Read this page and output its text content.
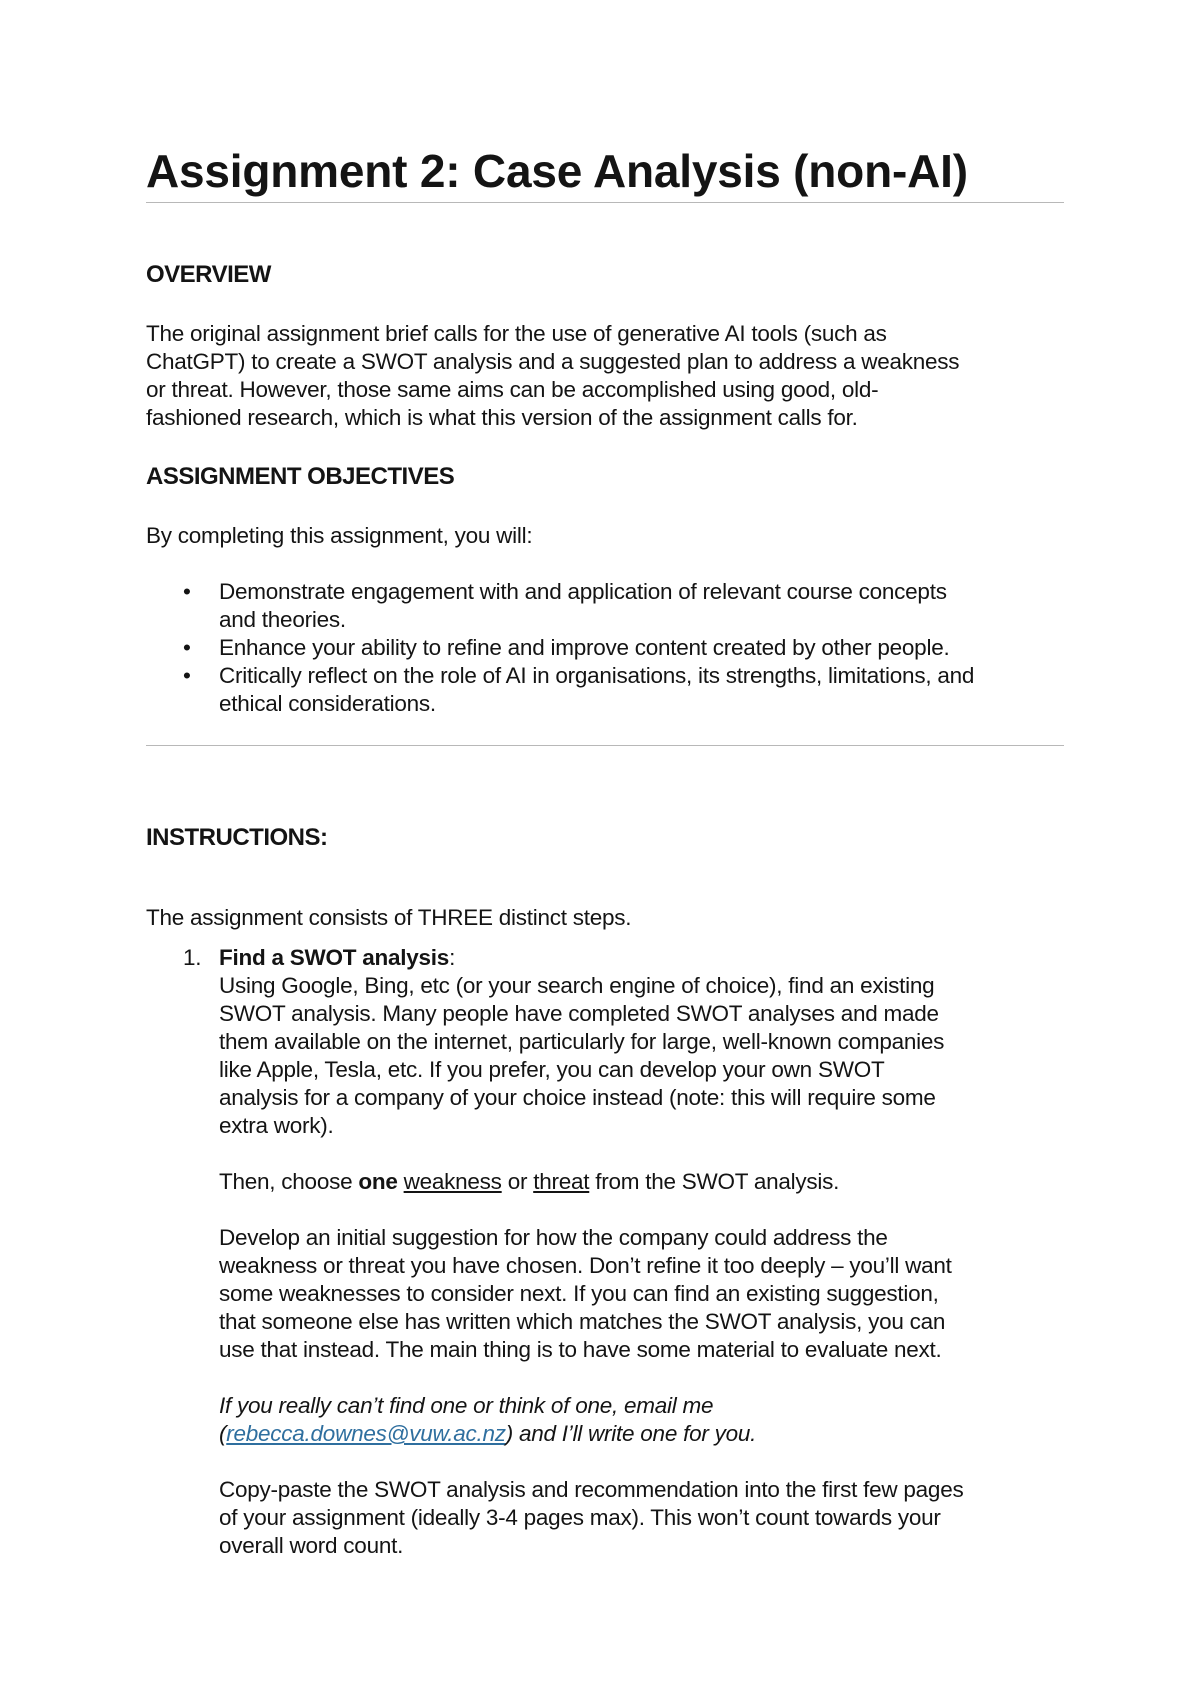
Assignment 2: Case Analysis (non-AI)
OVERVIEW
The original assignment brief calls for the use of generative AI tools (such as
ChatGPT) to create a SWOT analysis and a suggested plan to address a weakness
or threat. However, those same aims can be accomplished using good, old-
fashioned research, which is what this version of the assignment calls for.
ASSIGNMENT OBJECTIVES

By completing this assignment, you will:

• Demonstrate engagement with and application of relevant course concepts
and theories.
• Enhance your ability to refine and improve content created by other people.
• Critically reflect on the role of AI in organisations, its strengths, limitations, and
ethical considerations.
INSTRUCTIONS:

The assignment consists of THREE distinct steps.

1. Find a SWOT analysis:
Using Google, Bing, etc (or your search engine of choice), find an existing
SWOT analysis. Many people have completed SWOT analyses and made
them available on the internet, particularly for large, well-known companies
like Apple, Tesla, etc. If you prefer, you can develop your own SWOT
analysis for a company of your choice instead (note: this will require some
extra work).
Then, choose one weakness or threat from the SWOT analysis.
Develop an initial suggestion for how the company could address the
weakness or threat you have chosen. Don’t refine it too deeply – you’ll want
some weaknesses to consider next. If you can find an existing suggestion,
that someone else has written which matches the SWOT analysis, you can
use that instead. The main thing is to have some material to evaluate next.
If you really can’t find one or think of one, email me
(rebecca.downes@vuw.ac.nz) and I’ll write one for you.
Copy-paste the SWOT analysis and recommendation into the first few pages
of your assignment (ideally 3-4 pages max). This won’t count towards your
overall word count.
